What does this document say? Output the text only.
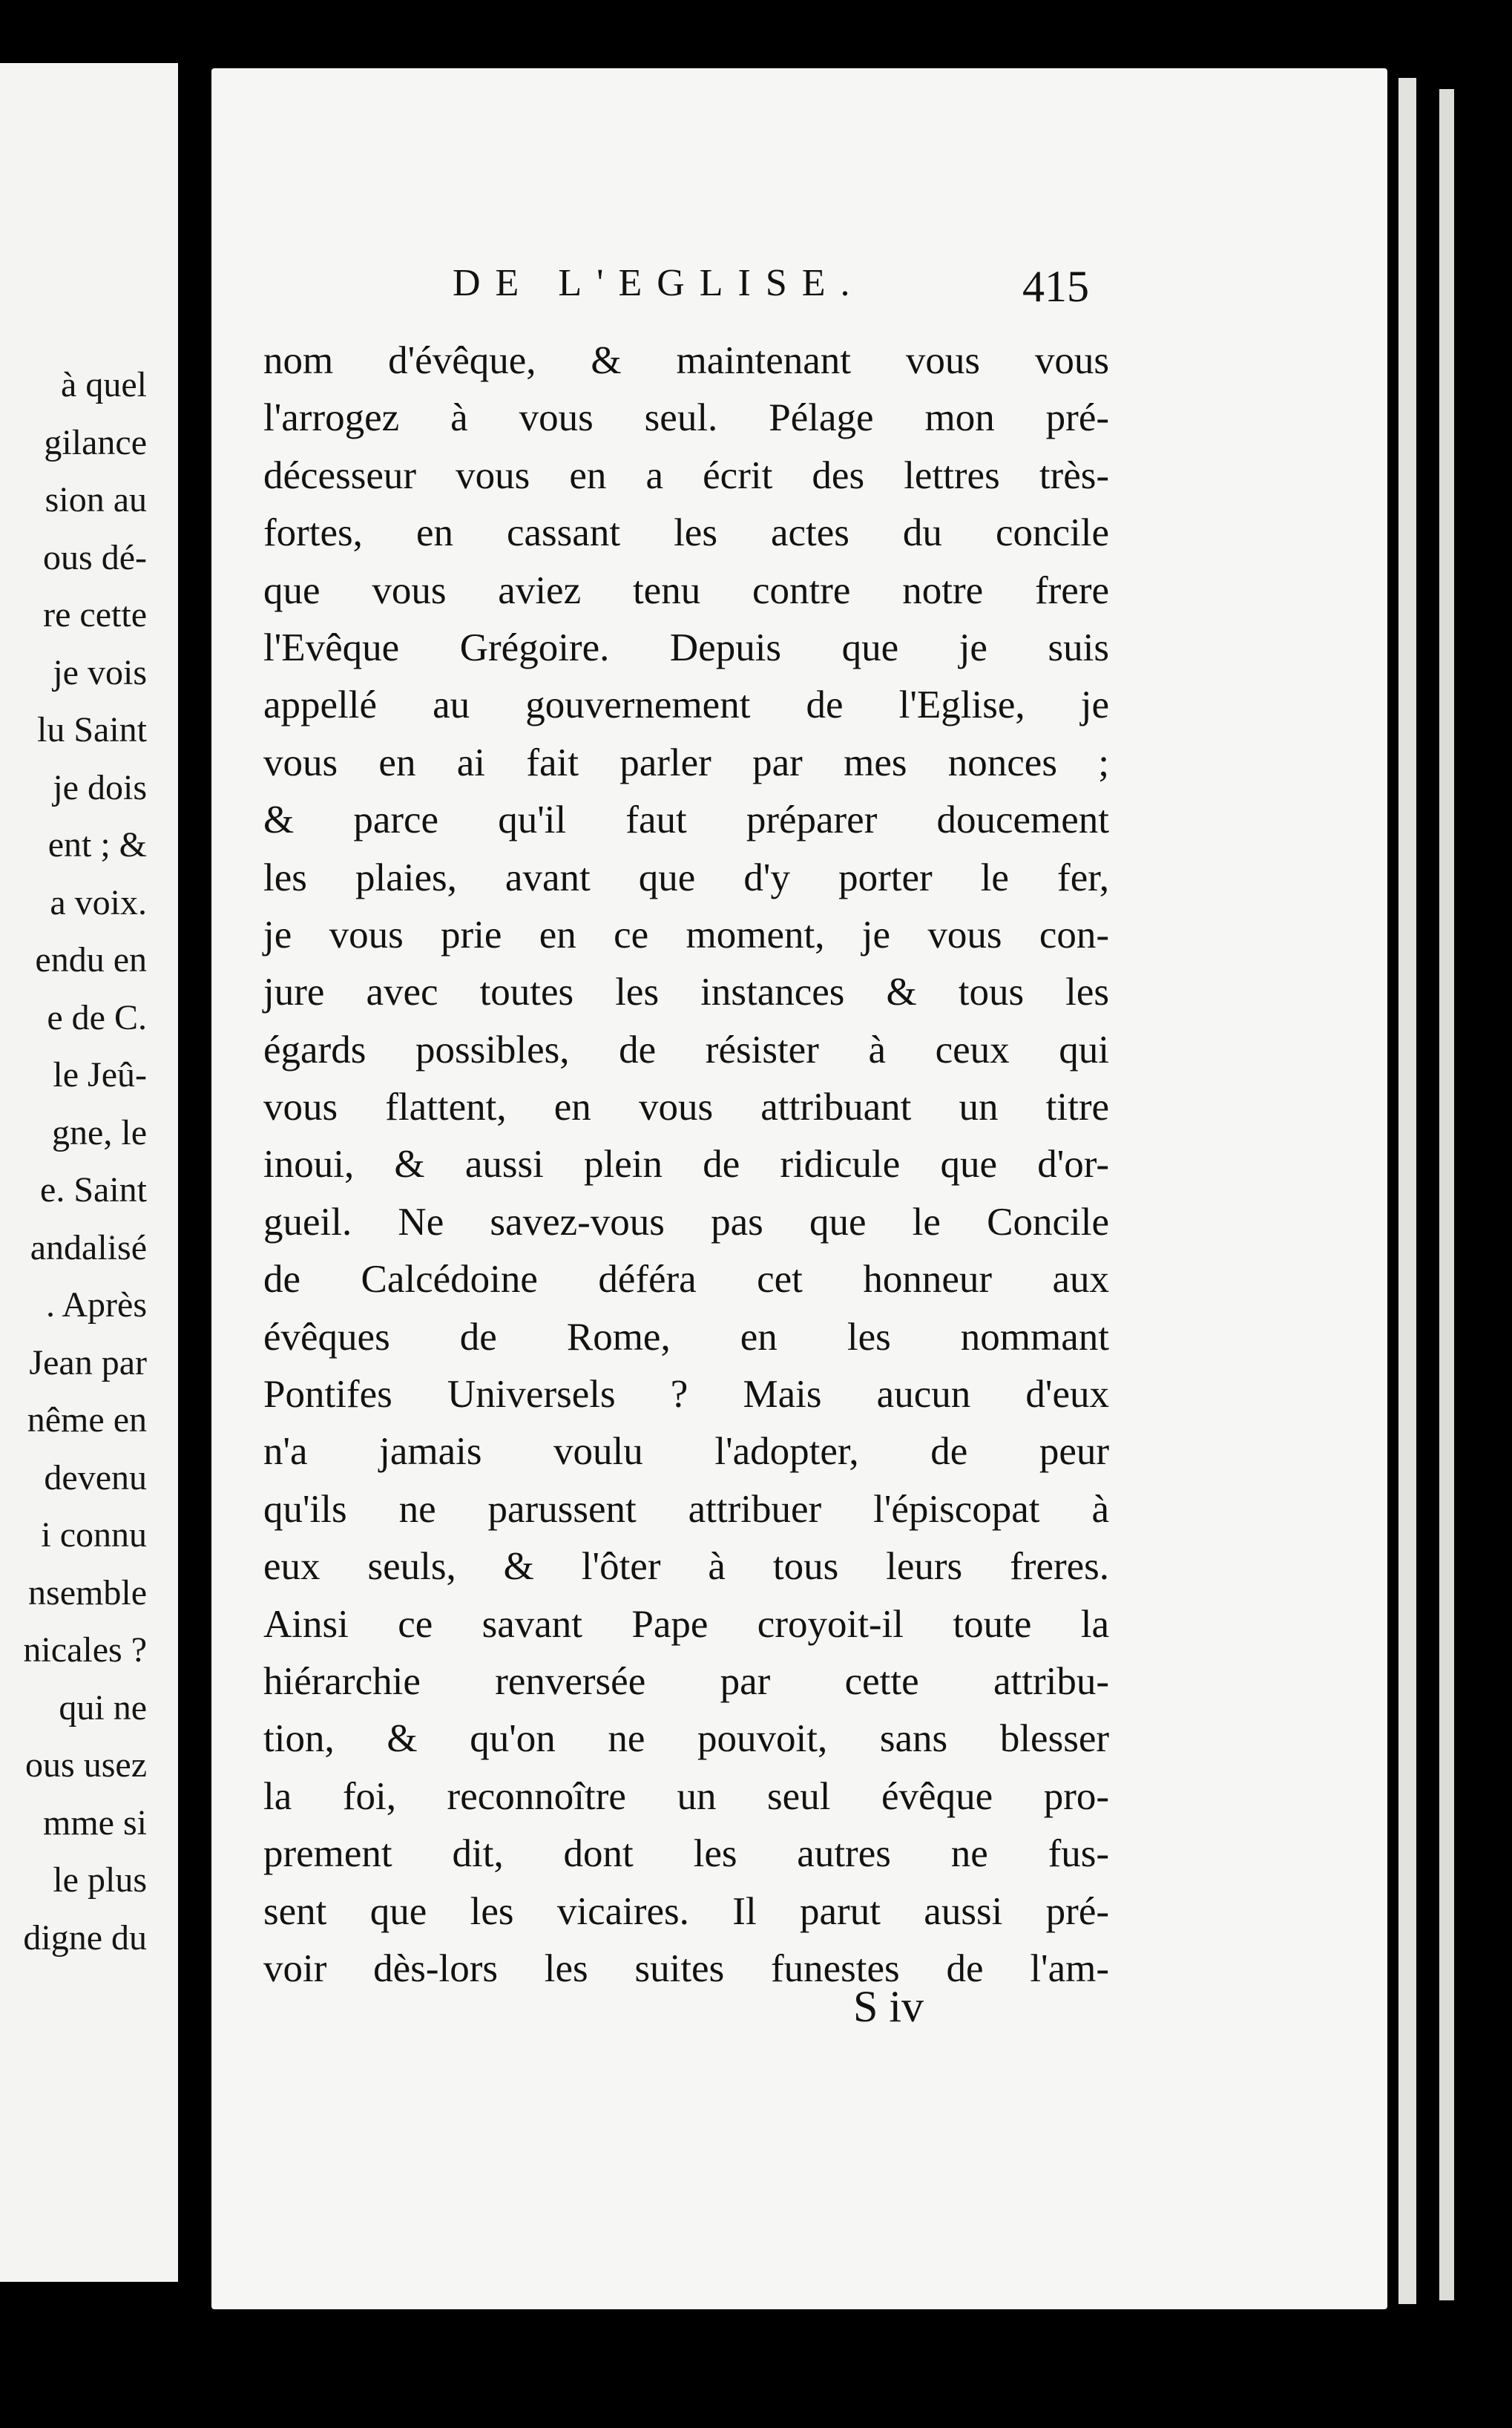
à quel
gilance
sion au
ous dé-
re cette
je vois
lu Saint
je dois
ent ; &
a voix.
endu en
e de C.
le Jeû-
gne, le
e. Saint
andalisé
. Après
Jean par
nême en
devenu
i connu
nsemble
nicales ?
qui ne
ous usez
mme si
le plus
digne du
DE L'EGLISE.	415
nom d'évêque, & maintenant vous vous
l'arrogez à vous seul. Pélage mon pré-
décesseur vous en a écrit des lettres très-
fortes, en cassant les actes du concile
que vous aviez tenu contre notre frere
l'Evêque Grégoire. Depuis que je suis
appellé au gouvernement de l'Eglise, je
vous en ai fait parler par mes nonces ;
& parce qu'il faut préparer doucement
les plaies, avant que d'y porter le fer,
je vous prie en ce moment, je vous con-
jure avec toutes les instances & tous les
égards possibles, de résister à ceux qui
vous flattent, en vous attribuant un titre
inoui, & aussi plein de ridicule que d'or-
gueil. Ne savez-vous pas que le Concile
de Calcédoine déféra cet honneur aux
évêques de Rome, en les nommant
Pontifes Universels ? Mais aucun d'eux
n'a jamais voulu l'adopter, de peur
qu'ils ne parussent attribuer l'épiscopat à
eux seuls, & l'ôter à tous leurs freres.
Ainsi ce savant Pape croyoit-il toute la
hiérarchie renversée par cette attribu-
tion, & qu'on ne pouvoit, sans blesser
la foi, reconnoître un seul évêque pro-
prement dit, dont les autres ne fus-
sent que les vicaires. Il parut aussi pré-
voir dès-lors les suites funestes de l'am-
S iv
